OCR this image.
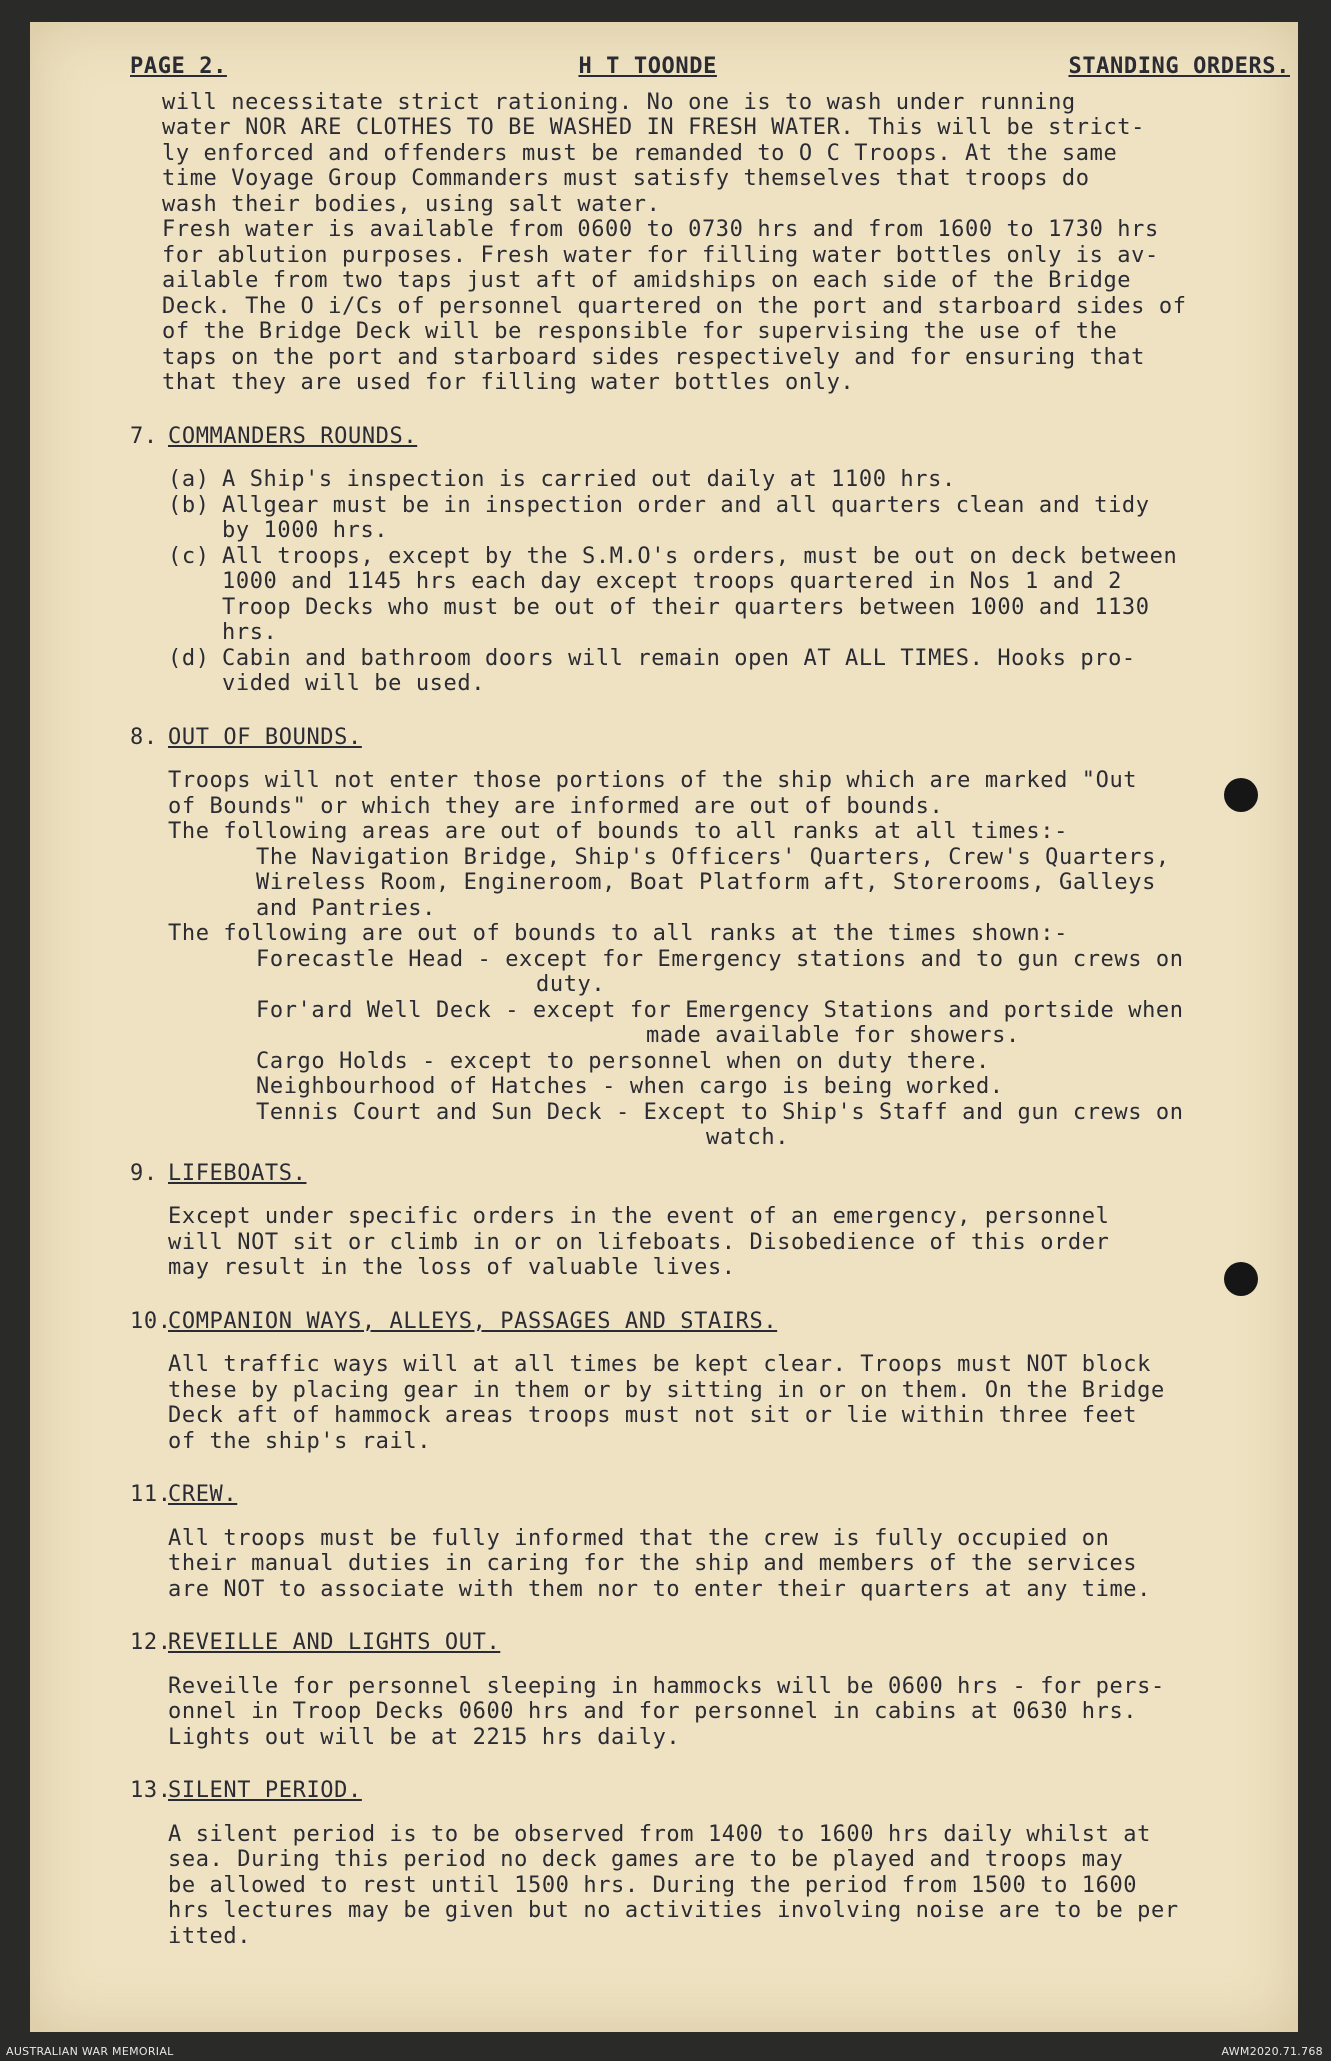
PAGE 2.	H T TOONDE	STANDING ORDERS.
will necessitate strict rationing. No one is to wash under running
water NOR ARE CLOTHES TO BE WASHED IN FRESH WATER. This will be strict-
ly enforced and offenders must be remanded to O C Troops. At the same
time Voyage Group Commanders must satisfy themselves that troops do
wash their bodies, using salt water.
Fresh water is available from 0600 to 0730 hrs and from 1600 to 1730 hrs
for ablution purposes. Fresh water for filling water bottles only is av-
ailable from two taps just aft of amidships on each side of the Bridge
Deck. The O i/Cs of personnel quartered on the port and starboard sides of
of the Bridge Deck will be responsible for supervising the use of the
taps on the port and starboard sides respectively and for ensuring that
that they are used for filling water bottles only.
7. COMMANDERS ROUNDS.
(a) A Ship's inspection is carried out daily at 1100 hrs.
(b) Allgear must be in inspection order and all quarters clean and tidy
by 1000 hrs.
(c) All troops, except by the S.M.O's orders, must be out on deck between
1000 and 1145 hrs each day except troops quartered in Nos 1 and 2
Troop Decks who must be out of their quarters between 1000 and 1130
hrs.
(d) Cabin and bathroom doors will remain open AT ALL TIMES. Hooks pro-
vided will be used.
8. OUT OF BOUNDS.
Troops will not enter those portions of the ship which are marked "Out
of Bounds" or which they are informed are out of bounds.
The following areas are out of bounds to all ranks at all times:-
The Navigation Bridge, Ship's Officers' Quarters, Crew's Quarters,
Wireless Room, Engineroom, Boat Platform aft, Storerooms, Galleys
and Pantries.
The following are out of bounds to all ranks at the times shown:-
Forecastle Head - except for Emergency stations and to gun crews on
duty.
For'ard Well Deck - except for Emergency Stations and portside when
made available for showers.
Cargo Holds - except to personnel when on duty there.
Neighbourhood of Hatches - when cargo is being worked.
Tennis Court and Sun Deck - Except to Ship's Staff and gun crews on
watch.
9. LIFEBOATS.
Except under specific orders in the event of an emergency, personnel
will NOT sit or climb in or on lifeboats. Disobedience of this order
may result in the loss of valuable lives.
10.COMPANION WAYS, ALLEYS, PASSAGES AND STAIRS.
All traffic ways will at all times be kept clear. Troops must NOT block
these by placing gear in them or by sitting in or on them. On the Bridge
Deck aft of hammock areas troops must not sit or lie within three feet
of the ship's rail.
11.CREW.
All troops must be fully informed that the crew is fully occupied on
their manual duties in caring for the ship and members of the services
are NOT to associate with them nor to enter their quarters at any time.
12.REVEILLE AND LIGHTS OUT.
Reveille for personnel sleeping in hammocks will be 0600 hrs - for pers-
onnel in Troop Decks 0600 hrs and for personnel in cabins at 0630 hrs.
Lights out will be at 2215 hrs daily.
13.SILENT PERIOD.
A silent period is to be observed from 1400 to 1600 hrs daily whilst at
sea. During this period no deck games are to be played and troops may
be allowed to rest until 1500 hrs. During the period from 1500 to 1600
hrs lectures may be given but no activities involving noise are to be per
itted.
AUSTRALIAN WAR MEMORIAL	AWM2020.71.768
